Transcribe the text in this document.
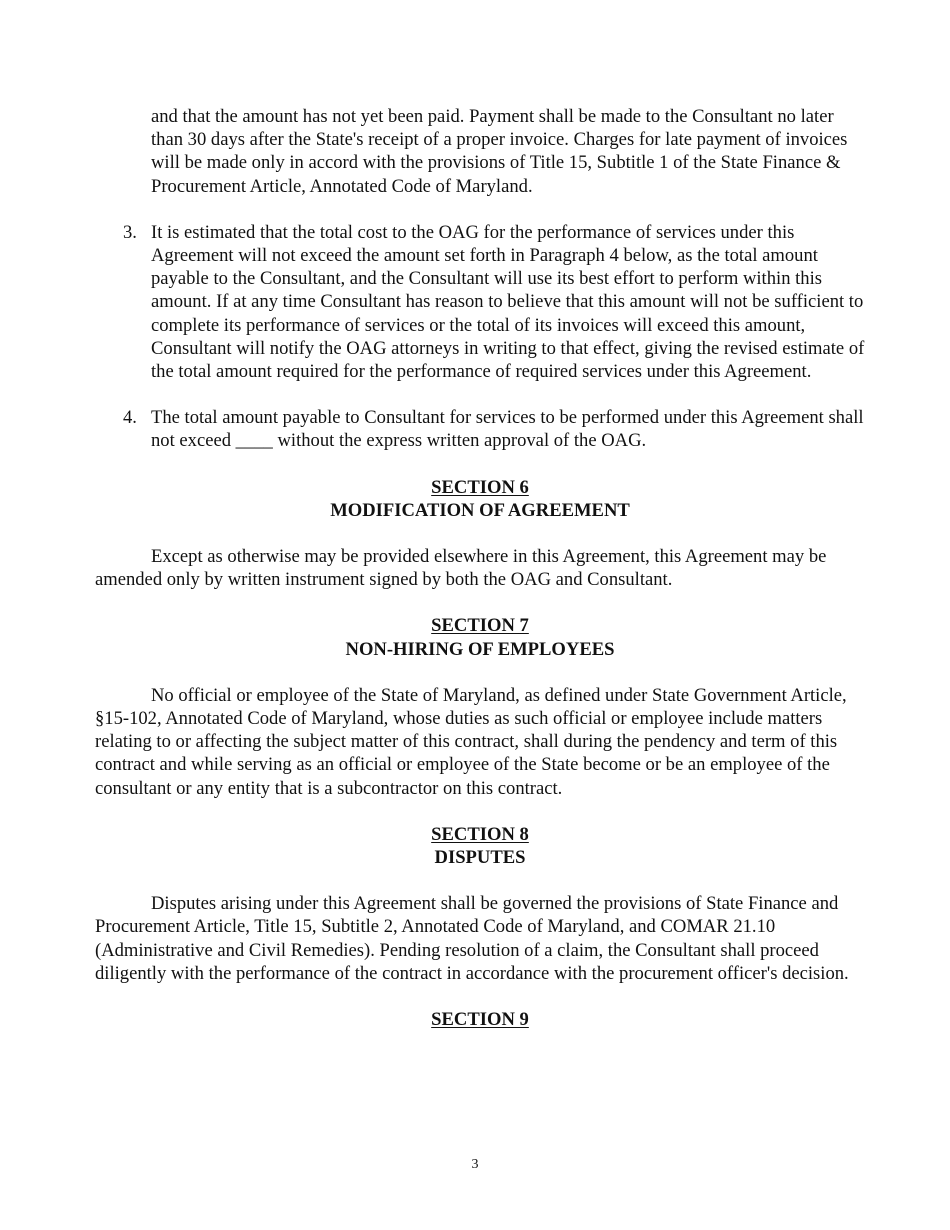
and that the amount has not yet been paid. Payment shall be made to the Consultant no later than 30 days after the State's receipt of a proper invoice. Charges for late payment of invoices will be made only in accord with the provisions of Title 15, Subtitle 1 of the State Finance & Procurement Article, Annotated Code of Maryland.

3. It is estimated that the total cost to the OAG for the performance of services under this Agreement will not exceed the amount set forth in Paragraph 4 below, as the total amount payable to the Consultant, and the Consultant will use its best effort to perform within this amount. If at any time Consultant has reason to believe that this amount will not be sufficient to complete its performance of services or the total of its invoices will exceed this amount, Consultant will notify the OAG attorneys in writing to that effect, giving the revised estimate of the total amount required for the performance of required services under this Agreement.

4. The total amount payable to Consultant for services to be performed under this Agreement shall not exceed ____ without the express written approval of the OAG.

SECTION 6
MODIFICATION OF AGREEMENT

Except as otherwise may be provided elsewhere in this Agreement, this Agreement may be amended only by written instrument signed by both the OAG and Consultant.

SECTION 7
NON-HIRING OF EMPLOYEES

No official or employee of the State of Maryland, as defined under State Government Article, §15-102, Annotated Code of Maryland, whose duties as such official or employee include matters relating to or affecting the subject matter of this contract, shall during the pendency and term of this contract and while serving as an official or employee of the State become or be an employee of the consultant or any entity that is a subcontractor on this contract.

SECTION 8
DISPUTES

Disputes arising under this Agreement shall be governed the provisions of State Finance and Procurement Article, Title 15, Subtitle 2, Annotated Code of Maryland, and COMAR 21.10 (Administrative and Civil Remedies). Pending resolution of a claim, the Consultant shall proceed diligently with the performance of the contract in accordance with the procurement officer's decision.

SECTION 9
3
